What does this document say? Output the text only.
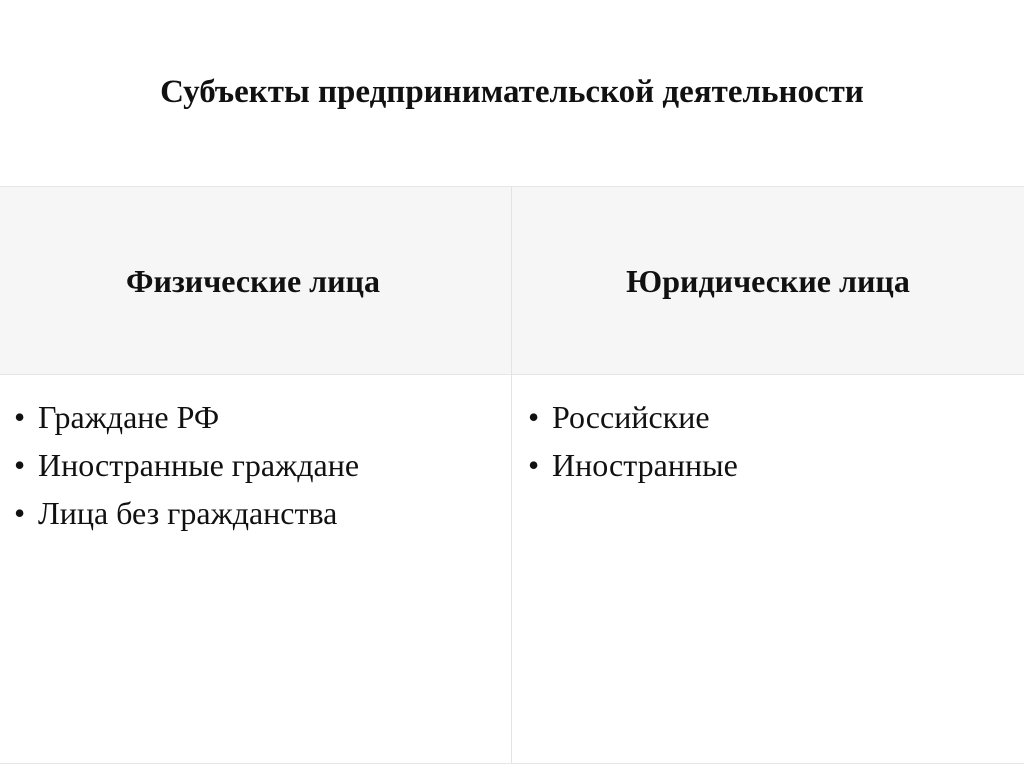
Субъекты предпринимательской деятельности
Физические лица	Юридические лица
• Граждане РФ
• Иностранные граждане
• Лица без гражданства
• Российские
• Иностранные
